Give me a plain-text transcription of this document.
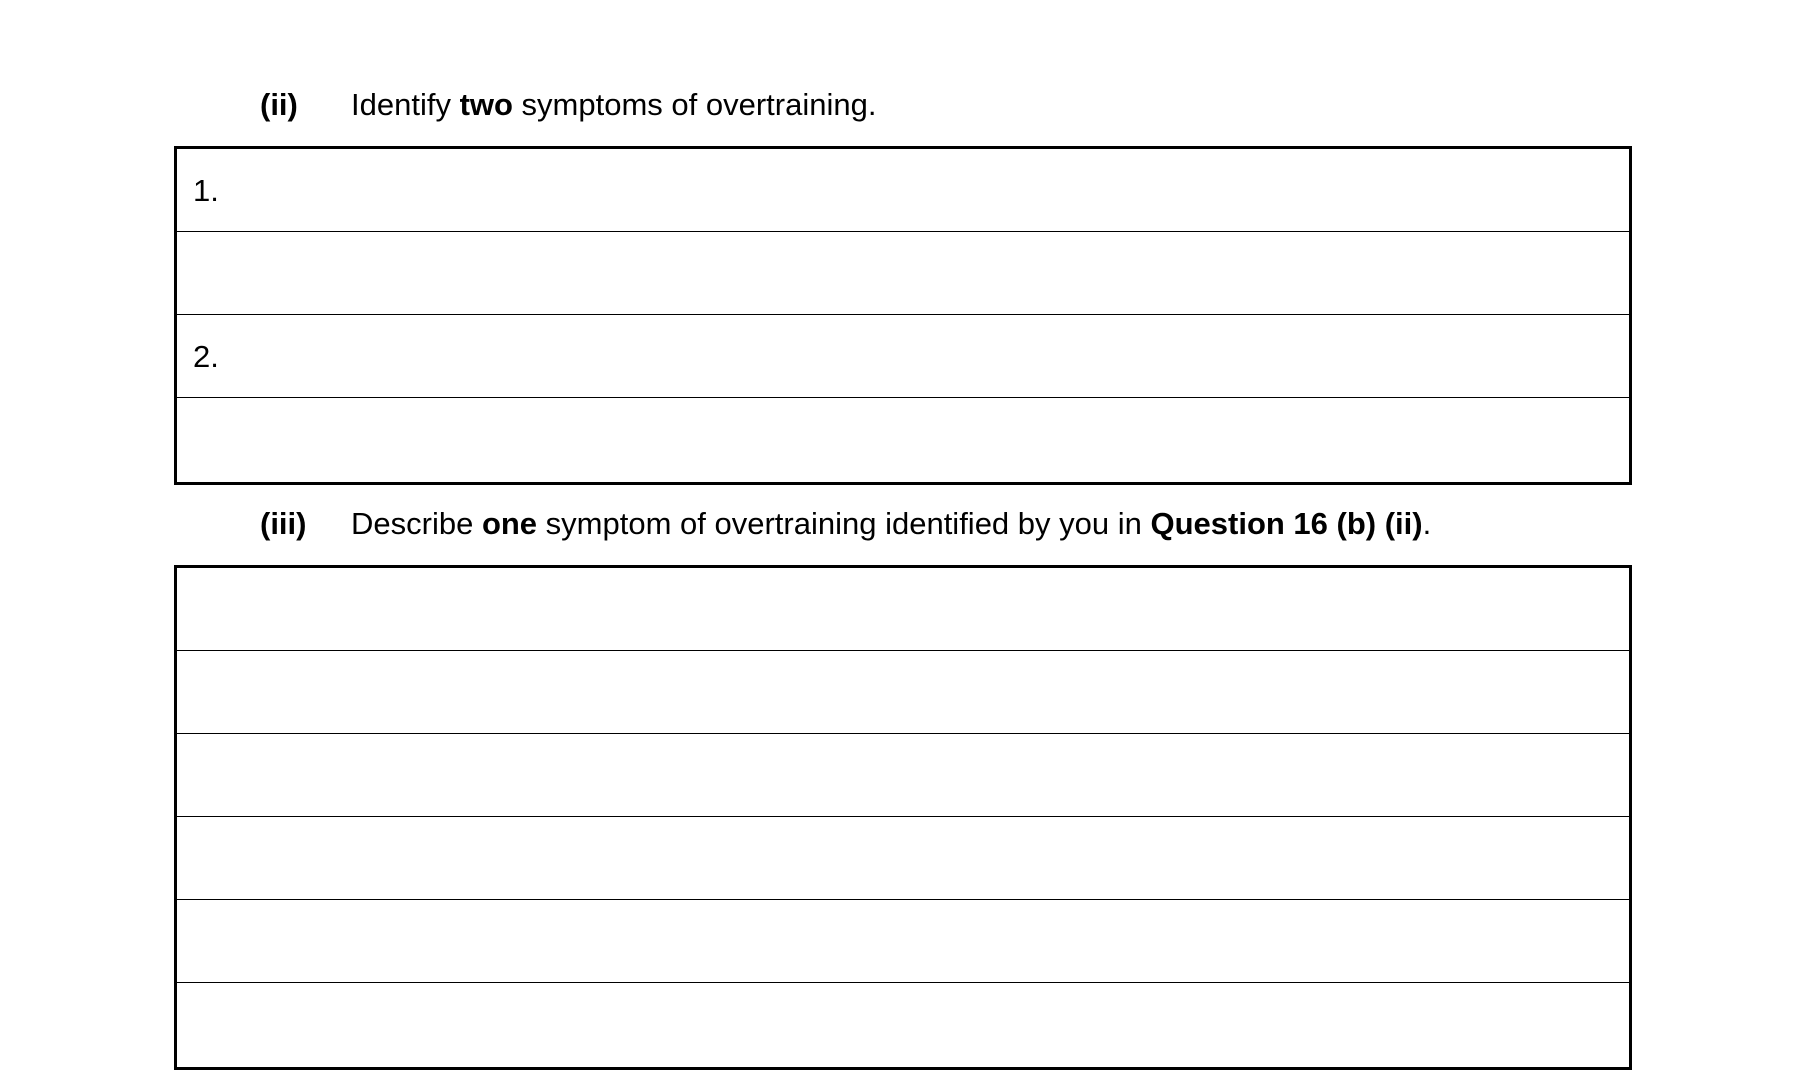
(ii)	Identify two symptoms of overtraining.
1.
2.
(iii)	Describe one symptom of overtraining identified by you in Question 16 (b) (ii).
